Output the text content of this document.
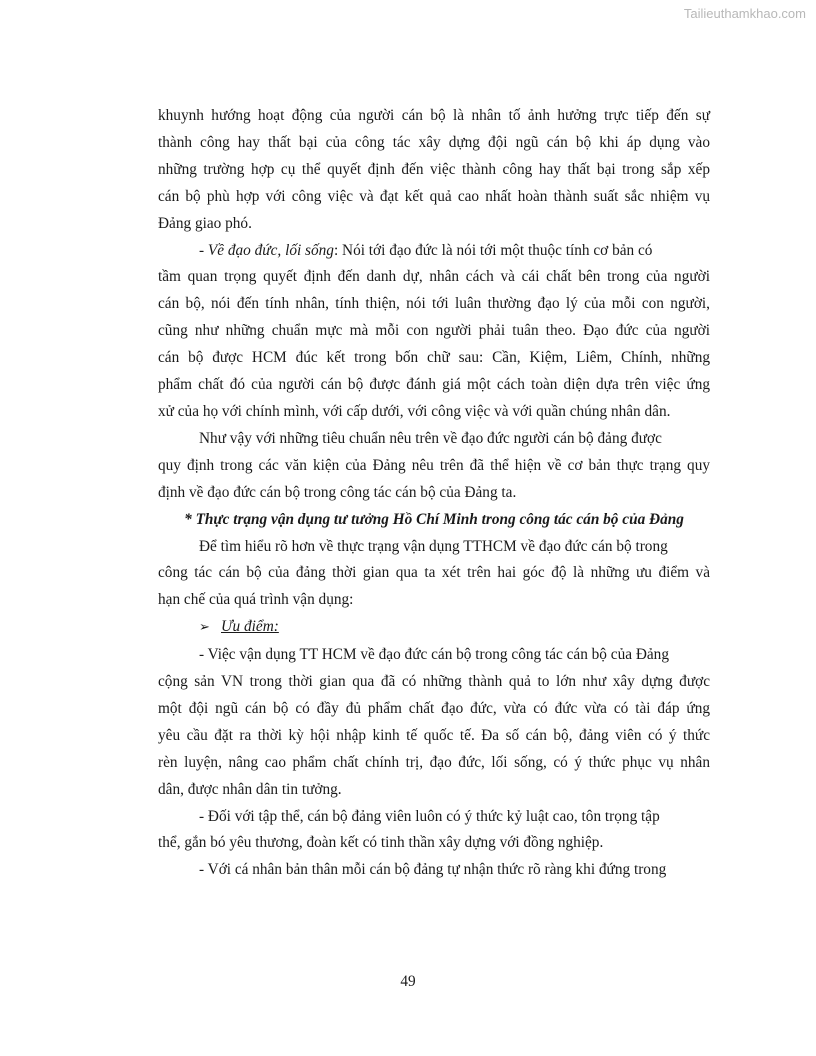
Tailieuthamkhao.com

khuynh hướng hoạt động của người cán bộ là nhân tố ảnh hưởng trực tiếp đến sự

thành công hay thất bại của công tác xây dựng đội ngũ cán bộ khi áp dụng vào

những trường hợp cụ thể quyết định đến việc thành công hay thất bại trong sắp xếp

cán bộ phù hợp với công việc và đạt kết quả cao nhất hoàn thành suất sắc nhiệm vụ

Đảng giao phó.

- Về đạo đức, lối sống: Nói tới đạo đức là nói tới một thuộc tính cơ bản có

tầm quan trọng quyết định đến danh dự, nhân cách và cái chất bên trong của người

cán bộ, nói đến tính nhân, tính thiện, nói tới luân thường đạo lý của mỗi con người,

cũng như những chuẩn mực mà mỗi con người phải tuân theo. Đạo đức của người

cán bộ được HCM đúc kết trong bốn chữ sau: Cần, Kiệm, Liêm, Chính, những

phẩm chất đó của người cán bộ được đánh giá một cách toàn diện dựa trên việc ứng

xử của họ với chính mình, với cấp dưới, với công việc và với quần chúng nhân dân.

Như vậy với những tiêu chuẩn nêu trên về đạo đức người cán bộ đảng được

quy định trong các văn kiện của Đảng nêu trên đã thể hiện về cơ bản thực trạng quy

định về đạo đức cán bộ trong công tác cán bộ của Đảng ta.

* Thực trạng vận dụng tư tưởng Hồ Chí Minh trong công tác cán bộ của Đảng

Để tìm hiểu rõ hơn về thực trạng vận dụng TTHCM về đạo đức cán bộ trong

công tác cán bộ của đảng thời gian qua ta xét trên hai góc độ là những ưu điểm và

hạn chế của quá trình vận dụng:

➢ Ưu điểm:

- Việc vận dụng TT HCM về đạo đức cán bộ trong công tác cán bộ của Đảng

cộng sản VN trong thời gian qua đã có những thành quả to lớn như xây dựng được

một đội ngũ cán bộ có đầy đủ phẩm chất đạo đức, vừa có đức vừa có tài đáp ứng

yêu cầu đặt ra thời kỳ hội nhập kinh tế quốc tế. Đa số cán bộ, đảng viên có ý thức

rèn luyện, nâng cao phẩm chất chính trị, đạo đức, lối sống, có ý thức phục vụ nhân

dân, được nhân dân tin tưởng.

- Đối với tập thể, cán bộ đảng viên luôn có ý thức kỷ luật cao, tôn trọng tập

thể, gắn bó yêu thương, đoàn kết có tinh thần xây dựng với đồng nghiệp.

- Với cá nhân bản thân mỗi cán bộ đảng tự nhận thức rõ ràng khi đứng trong

49
